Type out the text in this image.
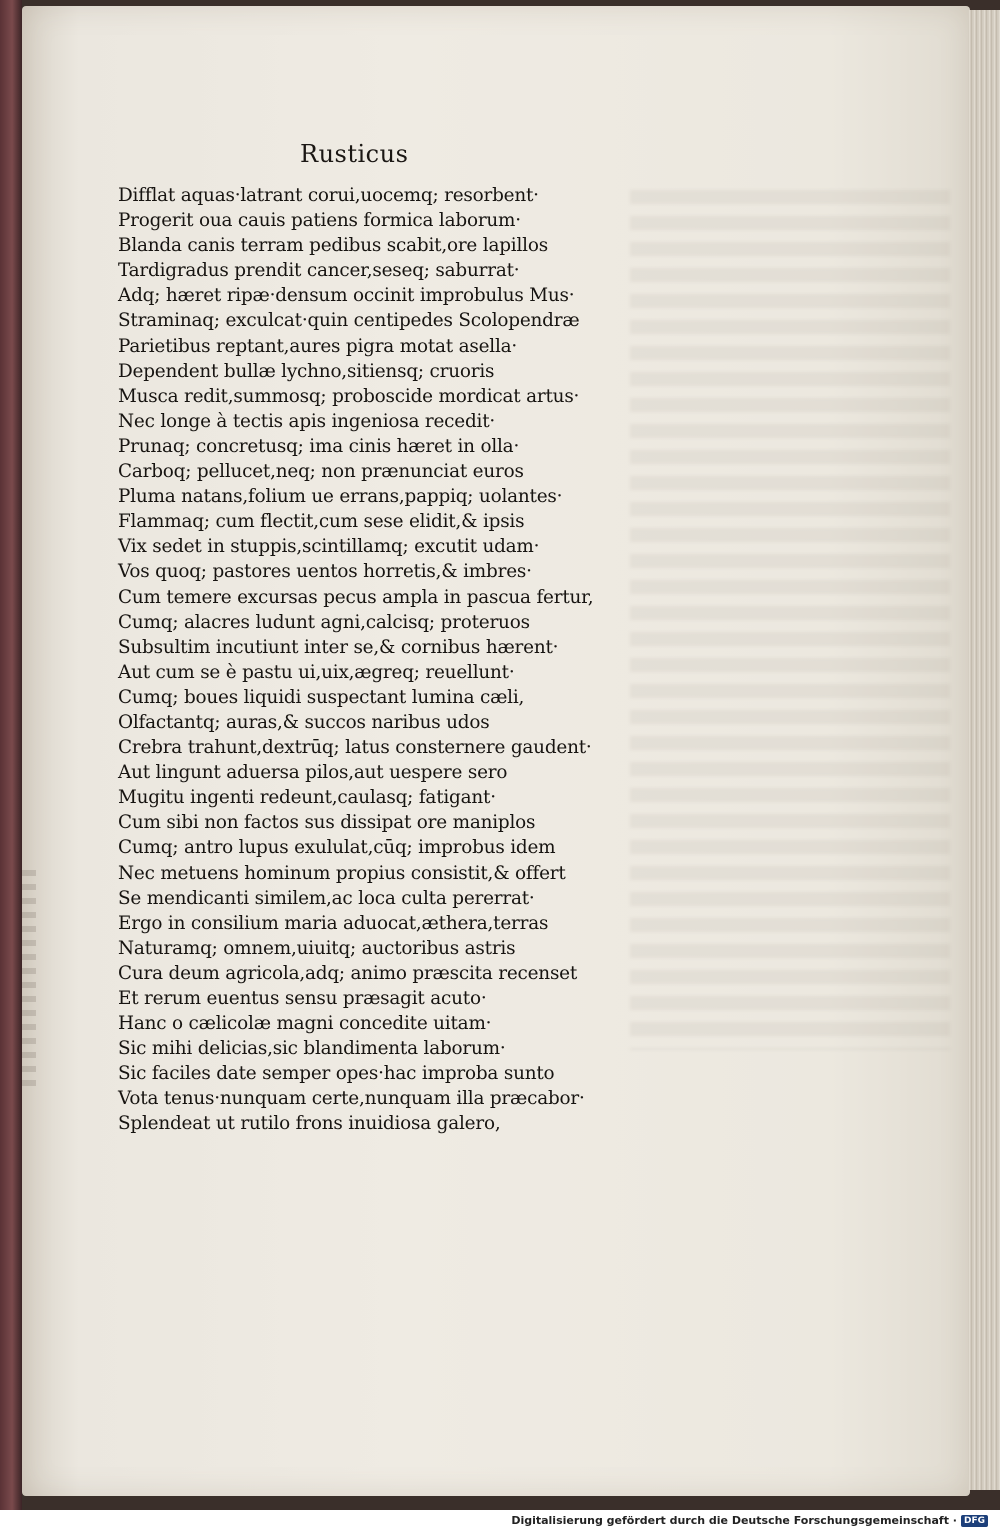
Rusticus
Difflat aquas·latrant corui,uocemq; resorbent·
Progerit oua cauis patiens formica laborum·
Blanda canis terram pedibus scabit,ore lapillos
Tardigradus prendit cancer,seseq; saburrat·
Adq; hæret ripæ·densum occinit improbulus Mus·
Straminaq; exculcat·quin centipedes Scolopendræ
Parietibus reptant,aures pigra motat asella·
Dependent bullæ lychno,sitiensq; cruoris
Musca redit,summosq; proboscide mordicat artus·
Nec longe à tectis apis ingeniosa recedit·
Prunaq; concretusq; ima cinis hæret in olla·
Carboq; pellucet,neq; non prænunciat euros
Pluma natans,folium ue errans,pappiq; uolantes·
Flammaq; cum flectit,cum sese elidit,& ipsis
Vix sedet in stuppis,scintillamq; excutit udam·
Vos quoq; pastores uentos horretis,& imbres·
Cum temere excursas pecus ampla in pascua fertur,
Cumq; alacres ludunt agni,calcisq; proteruos
Subsultim incutiunt inter se,& cornibus hærent·
Aut cum se è pastu ui,uix,ægreq; reuellunt·
Cumq; boues liquidi suspectant lumina cæli,
Olfactantq; auras,& succos naribus udos
Crebra trahunt,dextrūq; latus consternere gaudent·
Aut lingunt aduersa pilos,aut uespere sero
Mugitu ingenti redeunt,caulasq; fatigant·
Cum sibi non factos sus dissipat ore maniplos
Cumq; antro lupus exululat,cūq; improbus idem
Nec metuens hominum propius consistit,& offert
Se mendicanti similem,ac loca culta pererrat·
Ergo in consilium maria aduocat,æthera,terras
Naturamq; omnem,uiuitq; auctoribus astris
Cura deum agricola,adq; animo præscita recenset
Et rerum euentus sensu præsagit acuto·
Hanc o cælicolæ magni concedite uitam·
Sic mihi delicias,sic blandimenta laborum·
Sic faciles date semper opes·hac improba sunto
Vota tenus·nunquam certe,nunquam illa præcabor·
Splendeat ut rutilo frons inuidiosa galero,
Digitalisierung gefördert durch die Deutsche Forschungsgemeinschaft · DFG
